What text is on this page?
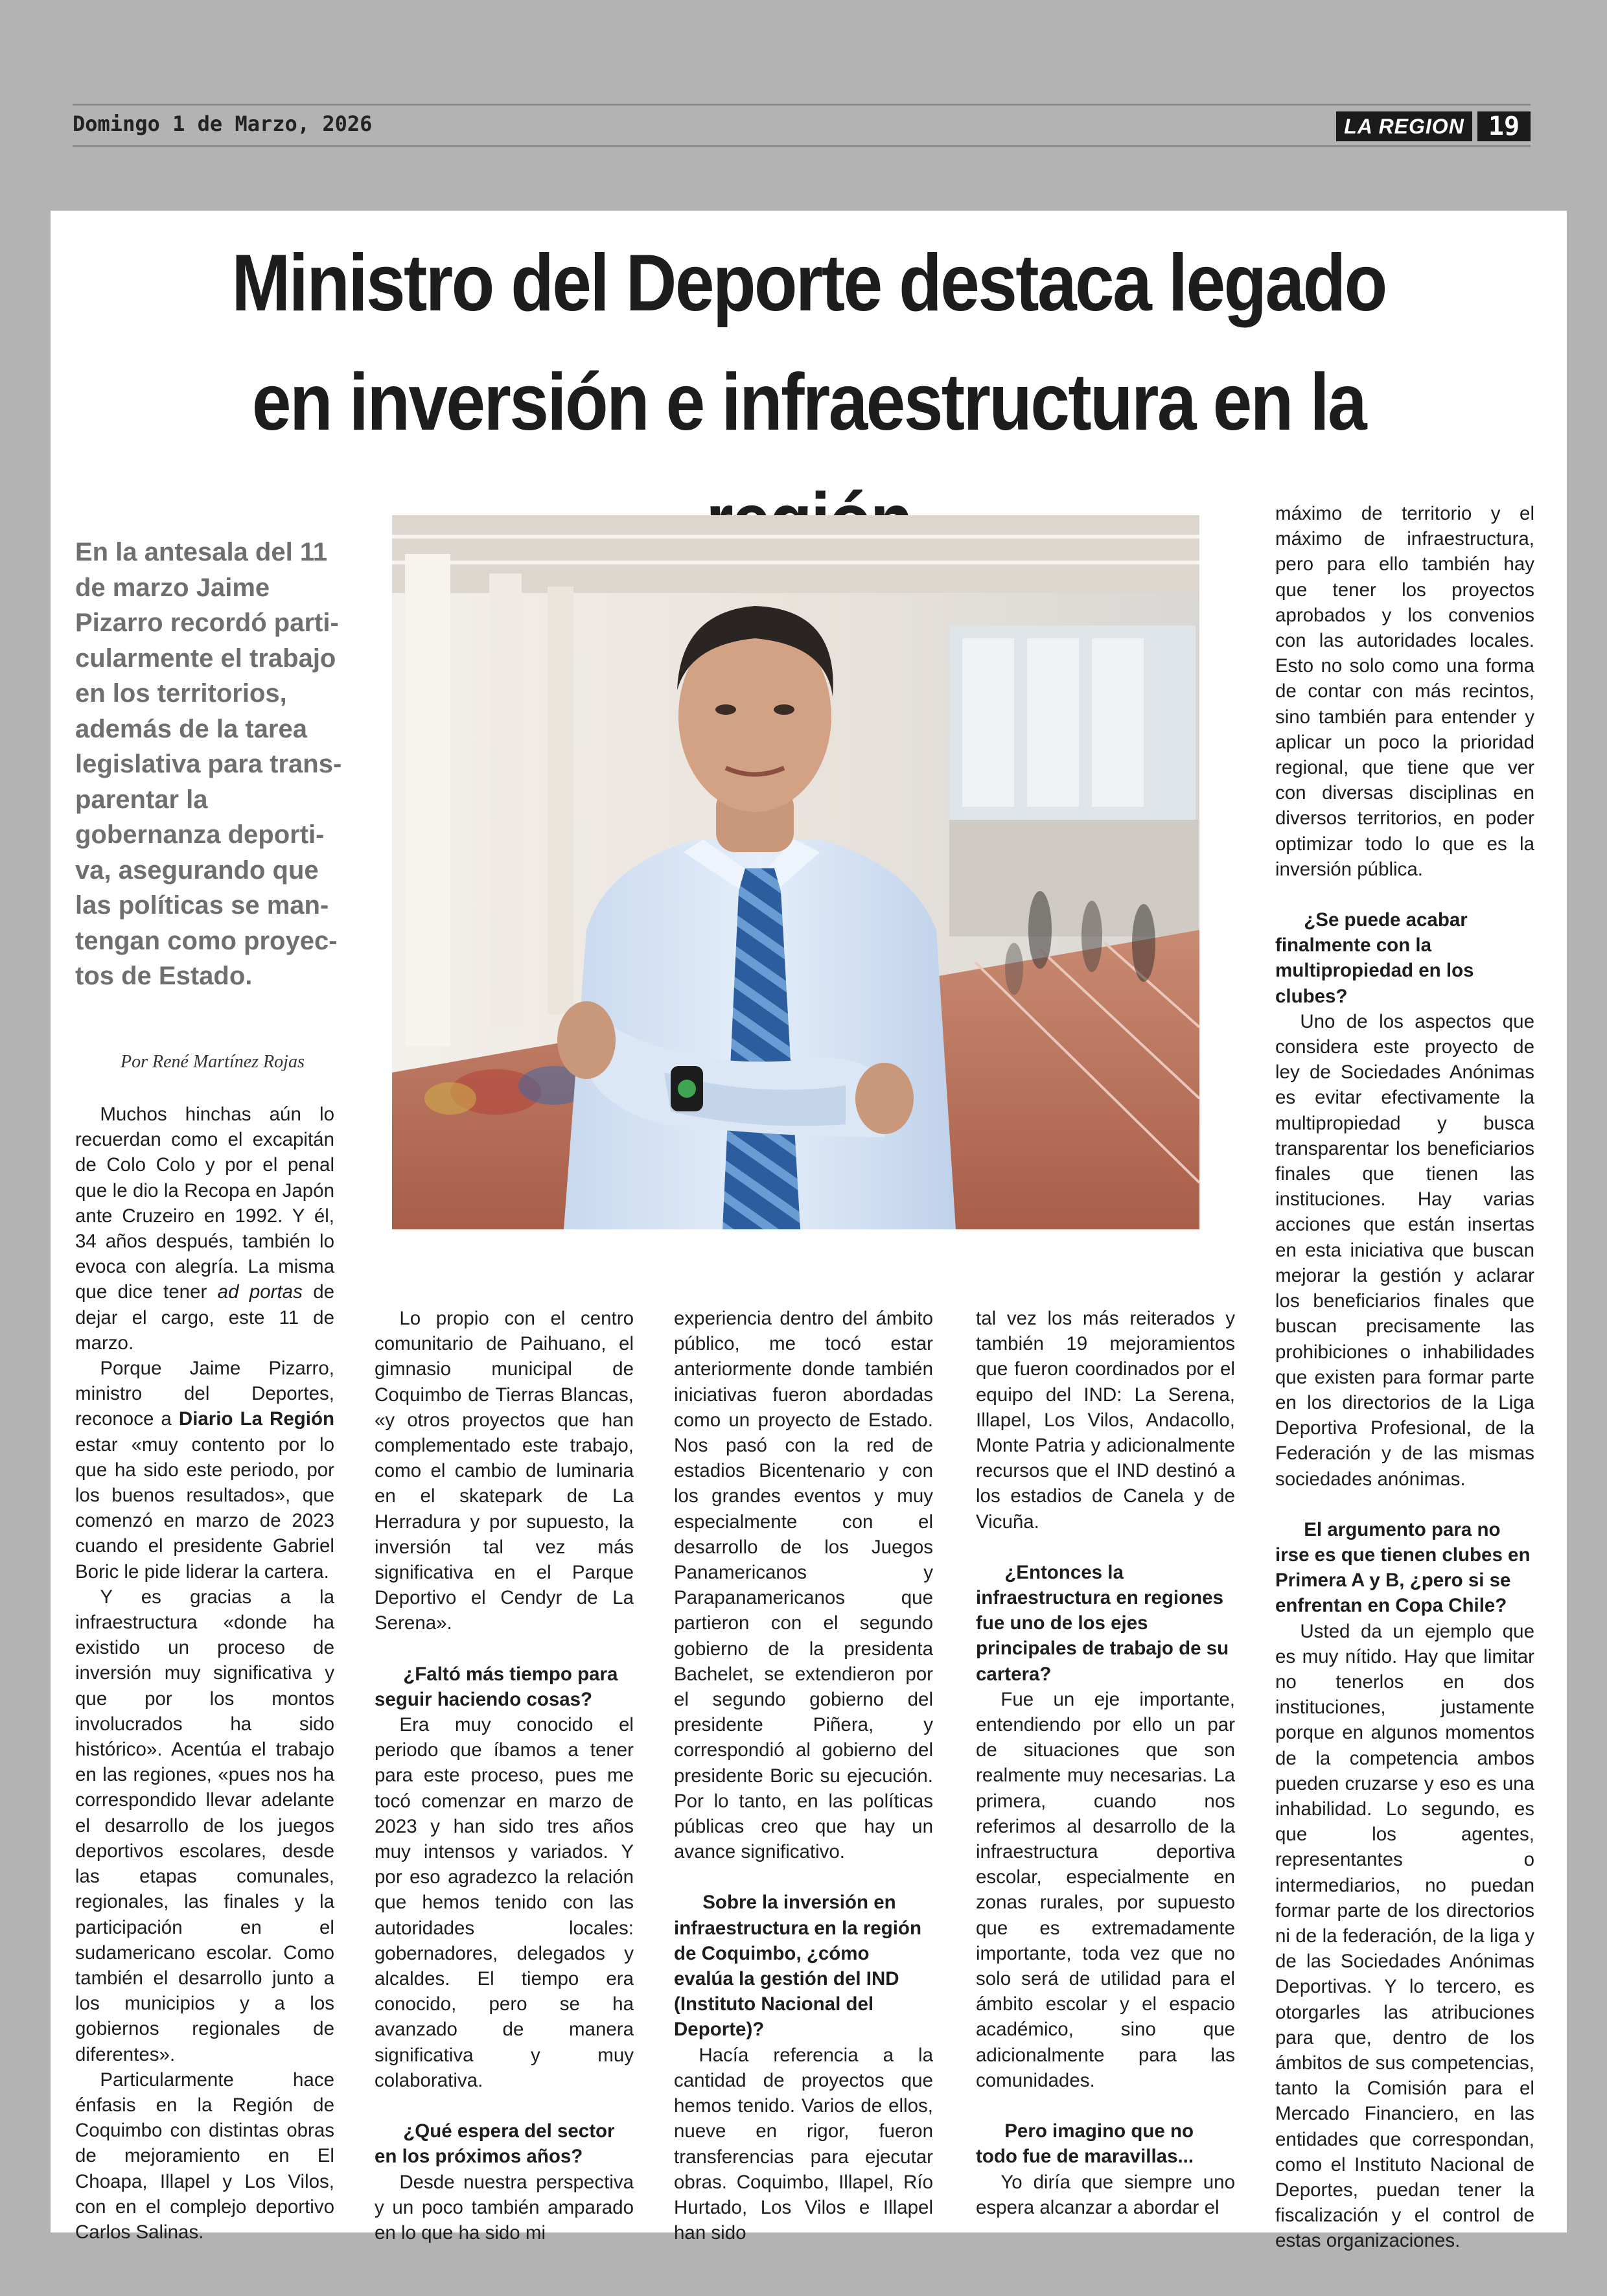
Domingo 1 de Marzo, 2026	LA REGION 19
Ministro del Deporte destaca legado
en inversión e infraestructura en la
En la antesala del 11
de marzo Jaime
Pizarro recordó parti-
cularmente el trabajo
en los territorios,
además de la tarea
legislativa para trans-
parentar la
gobernanza deporti-
va, asegurando que
las políticas se man-
tengan como proyec-
tos de Estado.
Por René Martínez Rojas

Muchos hinchas aún lo recuerdan como el excapitán de Colo Colo y por el penal que le dio la Recopa en Japón ante Cruzeiro en 1992. Y él, 34 años después, también lo evoca con alegría. La misma que dice tener ad portas de dejar el cargo, este 11 de marzo.

Porque Jaime Pizarro, ministro del Deportes, reconoce a Diario La Región estar «muy contento por lo que ha sido este periodo, por los buenos resultados», que comenzó en marzo de 2023 cuando el presidente Gabriel Boric le pide liderar la cartera.

Y es gracias a la infraestructura «donde ha existido un proceso de inversión muy significativa y que por los montos involucrados ha sido histórico». Acentúa el trabajo en las regiones, «pues nos ha correspondido llevar adelante el desarrollo de los juegos deportivos escolares, desde las etapas comunales, regionales, las finales y la participación en el sudamericano escolar. Como también el desarrollo junto a los municipios y a los gobiernos regionales de diferentes».

Particularmente hace énfasis en la Región de Coquimbo con distintas obras de mejoramiento en El Choapa, Illapel y Los Vilos, con en el complejo deportivo Carlos Salinas.

Lo propio con el centro comunitario de Paihuano, el gimnasio municipal de Coquimbo de Tierras Blancas, «y otros proyectos que han complementado este trabajo, como el cambio de luminaria en el skatepark de La Herradura y por supuesto, la inversión tal vez más significativa en el Parque Deportivo el Cendyr de La Serena».

¿Faltó más tiempo para seguir haciendo cosas?

Era muy conocido el periodo que íbamos a tener para este proceso, pues me tocó comenzar en marzo de 2023 y han sido tres años muy intensos y variados. Y por eso agradezco la relación que hemos tenido con las autoridades locales: gobernadores, delegados y alcaldes. El tiempo era conocido, pero se ha avanzado de manera significativa y muy colaborativa.

¿Qué espera del sector en los próximos años?

Desde nuestra perspectiva y un poco también amparado en lo que ha sido mi

experiencia dentro del ámbito público, me tocó estar anteriormente donde también iniciativas fueron abordadas como un proyecto de Estado. Nos pasó con la red de estadios Bicentenario y con los grandes eventos y muy especialmente con el desarrollo de los Juegos Panamericanos y Parapanamericanos que partieron con el segundo gobierno de la presidenta Bachelet, se extendieron por el segundo gobierno del presidente Piñera, y correspondió al gobierno del presidente Boric su ejecución. Por lo tanto, en las políticas públicas creo que hay un avance significativo.

Sobre la inversión en infraestructura en la región de Coquimbo, ¿cómo evalúa la gestión del IND (Instituto Nacional del Deporte)?

Hacía referencia a la cantidad de proyectos que hemos tenido. Varios de ellos, nueve en rigor, fueron transferencias para ejecutar obras. Coquimbo, Illapel, Río Hurtado, Los Vilos e Illapel han sido

tal vez los más reiterados y también 19 mejoramientos que fueron coordinados por el equipo del IND: La Serena, Illapel, Los Vilos, Andacollo, Monte Patria y adicionalmente recursos que el IND destinó a los estadios de Canela y de Vicuña.

¿Entonces la infraestructura en regiones fue uno de los ejes principales de trabajo de su cartera?

Fue un eje importante, entendiendo por ello un par de situaciones que son realmente muy necesarias. La primera, cuando nos referimos al desarrollo de la infraestructura deportiva escolar, especialmente en zonas rurales, por supuesto que es extremadamente importante, toda vez que no solo será de utilidad para el ámbito escolar y el espacio académico, sino que adicionalmente para las comunidades.

Pero imagino que no todo fue de maravillas...

Yo diría que siempre uno espera alcanzar a abordar el

máximo de territorio y el máximo de infraestructura, pero para ello también hay que tener los proyectos aprobados y los convenios con las autoridades locales. Esto no solo como una forma de contar con más recintos, sino también para entender y aplicar un poco la prioridad regional, que tiene que ver con diversas disciplinas en diversos territorios, en poder optimizar todo lo que es la inversión pública.

¿Se puede acabar finalmente con la multipropiedad en los clubes?

Uno de los aspectos que considera este proyecto de ley de Sociedades Anónimas es evitar efectivamente la multipropiedad y busca transparentar los beneficiarios finales que tienen las instituciones. Hay varias acciones que están insertas en esta iniciativa que buscan mejorar la gestión y aclarar los beneficiarios finales que buscan precisamente las prohibiciones o inhabilidades que existen para formar parte en los directorios de la Liga Deportiva Profesional, de la Federación y de las mismas sociedades anónimas.

El argumento para no irse es que tienen clubes en Primera A y B, ¿pero si se enfrentan en Copa Chile?

Usted da un ejemplo que es muy nítido. Hay que limitar no tenerlos en dos instituciones, justamente porque en algunos momentos de la competencia ambos pueden cruzarse y eso es una inhabilidad. Lo segundo, es que los agentes, representantes o intermediarios, no puedan formar parte de los directorios ni de la federación, de la liga y de las Sociedades Anónimas Deportivas. Y lo tercero, es otorgarles las atribuciones para que, dentro de los ámbitos de sus competencias, tanto la Comisión para el Mercado Financiero, en las entidades que correspondan, como el Instituto Nacional de Deportes, puedan tener la fiscalización y el control de estas organizaciones.
